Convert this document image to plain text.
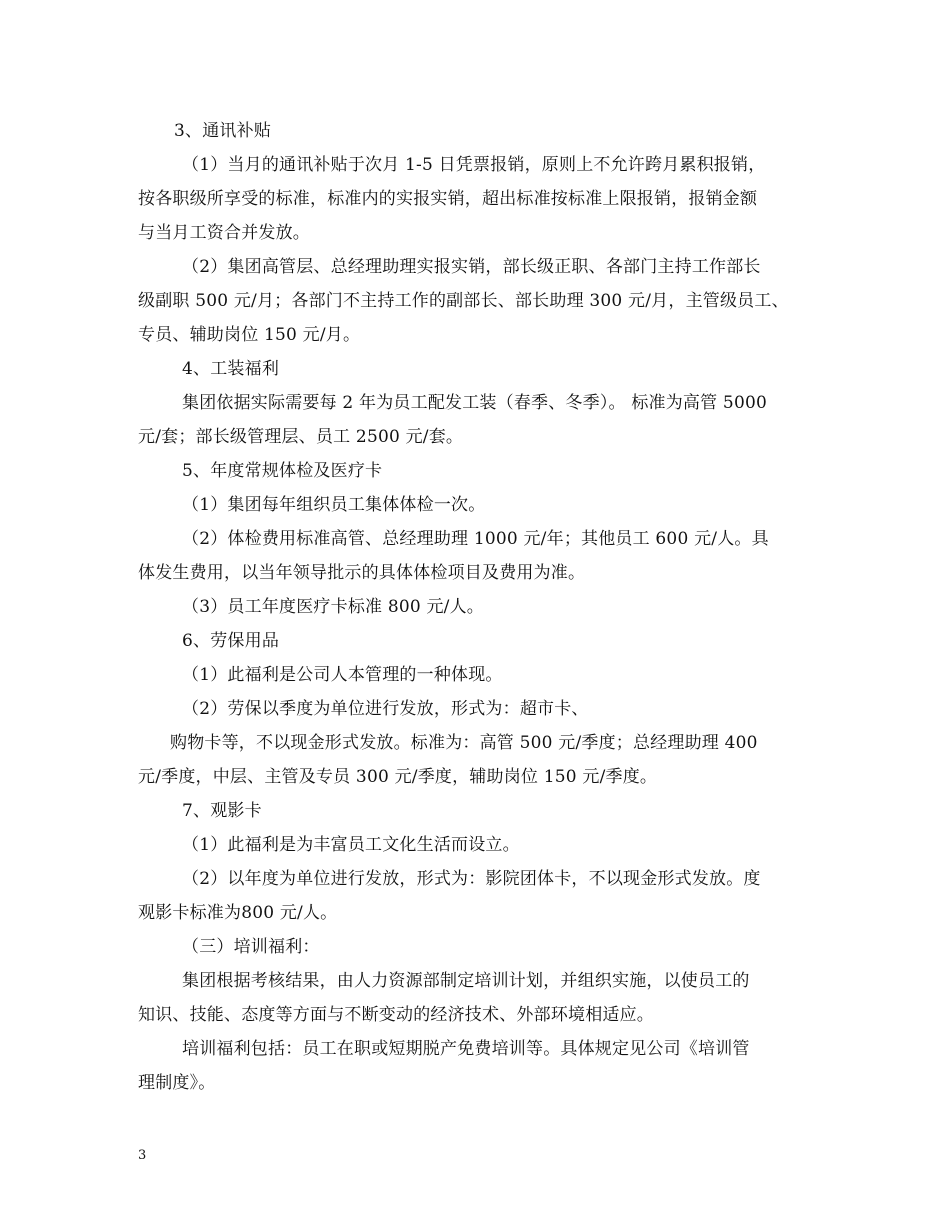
3、通讯补贴
（1）当月的通讯补贴于次月 1-5 日凭票报销，原则上不允许跨月累积报销，
按各职级所享受的标准，标准内的实报实销，超出标准按标准上限报销，报销金额
与当月工资合并发放。
（2）集团高管层、总经理助理实报实销，部长级正职、各部门主持工作部长
级副职 500 元/月；各部门不主持工作的副部长、部长助理 300 元/月，主管级员工、
专员、辅助岗位 150 元/月。
4、工装福利
集团依据实际需要每 2 年为员工配发工装（春季、冬季）。 标准为高管 5000
元/套；部长级管理层、员工 2500 元/套。
5、年度常规体检及医疗卡
（1）集团每年组织员工集体体检一次。
（2）体检费用标准高管、总经理助理 1000 元/年；其他员工 600 元/人。具
体发生费用，以当年领导批示的具体体检项目及费用为准。
（3）员工年度医疗卡标准 800 元/人。
6、劳保用品
（1）此福利是公司人本管理的一种体现。
（2）劳保以季度为单位进行发放，形式为：超市卡、
购物卡等，不以现金形式发放。标准为：高管 500 元/季度；总经理助理 400
元/季度，中层、主管及专员 300 元/季度，辅助岗位 150 元/季度。
7、观影卡
（1）此福利是为丰富员工文化生活而设立。
（2）以年度为单位进行发放，形式为：影院团体卡，不以现金形式发放。度
观影卡标准为800 元/人。
（三）培训福利：
集团根据考核结果，由人力资源部制定培训计划，并组织实施，以使员工的
知识、技能、态度等方面与不断变动的经济技术、外部环境相适应。
培训福利包括：员工在职或短期脱产免费培训等。具体规定见公司《培训管
理制度》。
3
